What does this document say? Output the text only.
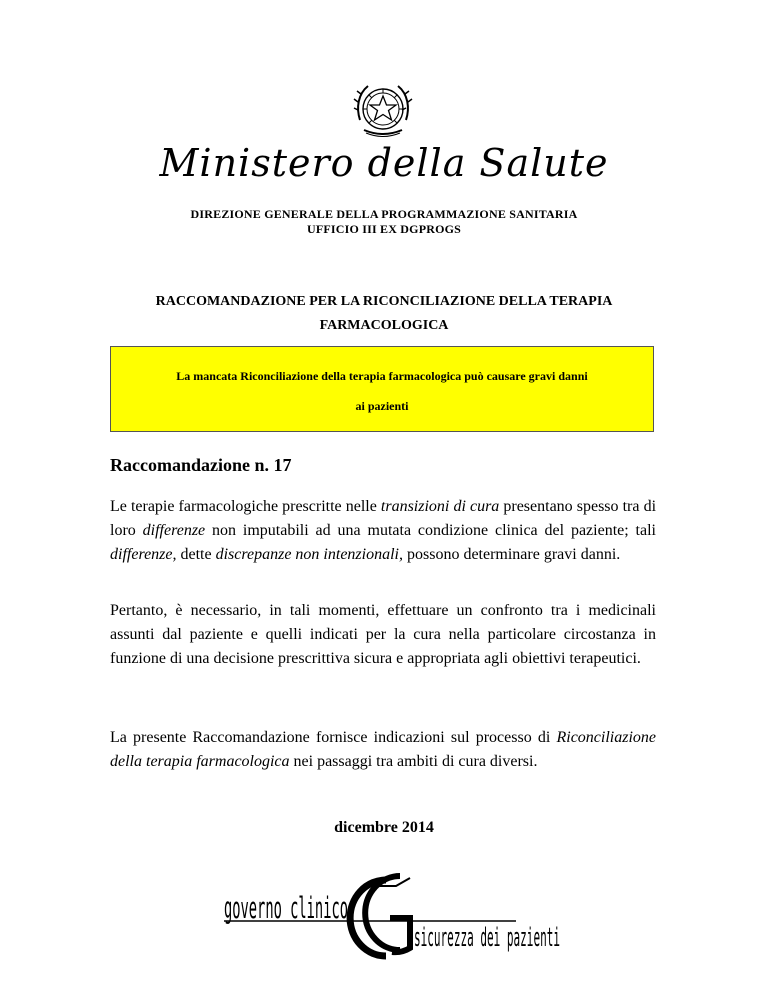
Ministero della Salute
DIREZIONE GENERALE DELLA PROGRAMMAZIONE SANITARIA
UFFICIO III EX DGPROGS
RACCOMANDAZIONE PER LA RICONCILIAZIONE DELLA TERAPIA
FARMACOLOGICA
La mancata Riconciliazione della terapia farmacologica può causare gravi danni
ai pazienti
Raccomandazione n. 17
Le terapie farmacologiche prescritte nelle transizioni di cura presentano spesso tra di loro differenze non imputabili ad una mutata condizione clinica del paziente; tali differenze, dette discrepanze non intenzionali, possono determinare gravi danni.
Pertanto, è necessario, in tali momenti, effettuare un confronto tra i medicinali assunti dal paziente e quelli indicati per la cura nella particolare circostanza in funzione di una decisione prescrittiva sicura e appropriata agli obiettivi terapeutici.
La presente Raccomandazione fornisce indicazioni sul processo di Riconciliazione della terapia farmacologica nei passaggi tra ambiti di cura diversi.
dicembre 2014
governo clinico
sicurezza dei pazienti
